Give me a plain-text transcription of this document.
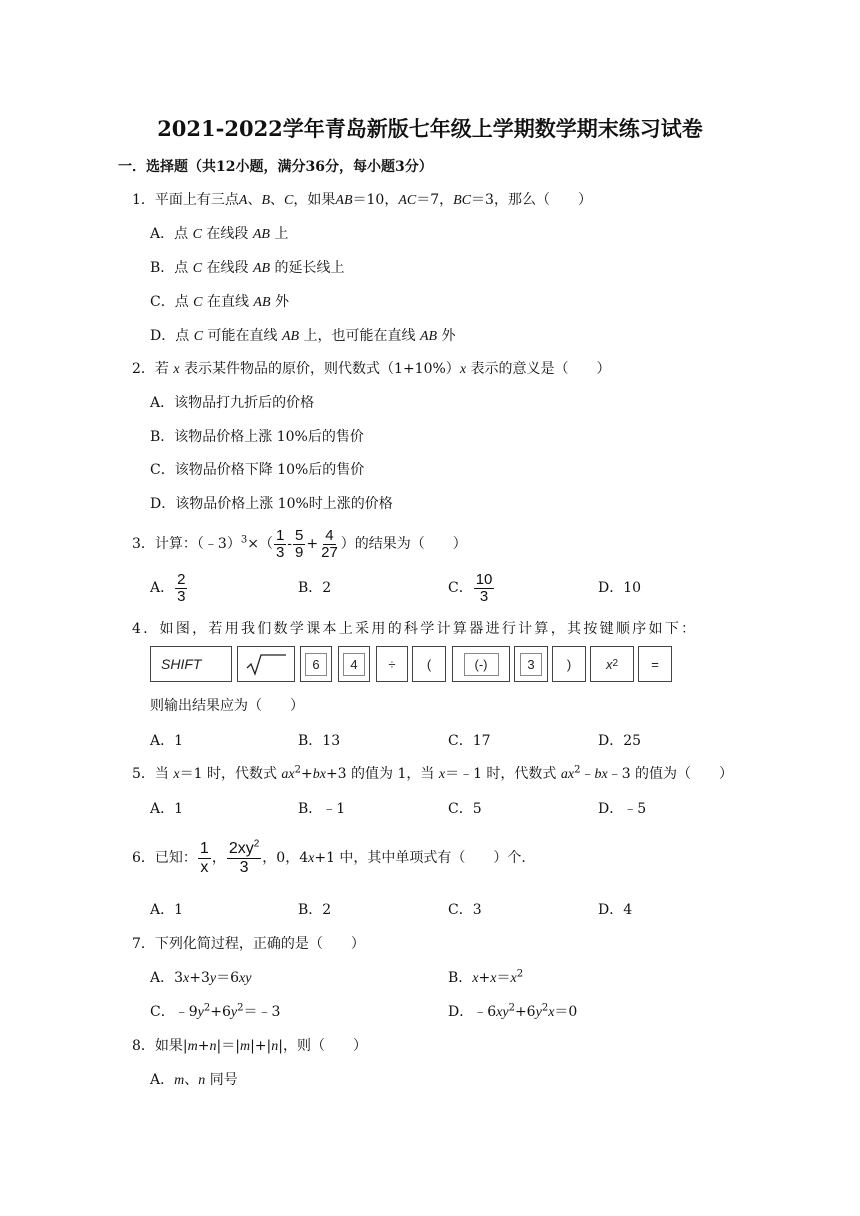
2021-2022学年青岛新版七年级上学期数学期末练习试卷
一．选择题（共12小题，满分36分，每小题3分）
1．平面上有三点A、B、C，如果AB＝10，AC＝7，BC＝3，那么（　　）
A．点 C 在线段 AB 上
B．点 C 在线段 AB 的延长线上
C．点 C 在直线 AB 外
D．点 C 可能在直线 AB 上，也可能在直线 AB 外
2．若 x 表示某件物品的原价，则代数式（1+10%）x 表示的意义是（　　）
A．该物品打九折后的价格
B．该物品价格上涨 10%后的售价
C．该物品价格下降 10%后的售价
D．该物品价格上涨 10%时上涨的价格
3．计算：（﹣3）$^3$×（ $\frac{1}{3} - \frac{5}{9} + \frac{4}{27}$ ）的结果为（　　）
A． $\frac{2}{3}$	B．2	C． $\frac{10}{3}$	D．10
4．如图，若用我们数学课本上采用的科学计算器进行计算，其按键顺序如下：
SHIFT	6	4	÷ (	(-)	3	)	x 2	=
则输出结果应为（　　）
A．1	B．13	C．17	D．25
5．当 x＝1 时，代数式 $ax^2+bx+3$ 的值为 1，当 x＝﹣1 时，代数式 $ax^2﹣bx﹣3$ 的值为（　　）
A．1	B．﹣1	C．5	D．﹣5
6．已知： $\frac{1}{x}$ ， $\frac{2xy^2}{3}$ ，0，4x+1 中，其中单项式有（　　）个．
A．1	B．2	C．3	D．4
7．下列化简过程，正确的是（　　）
A．3x+3y＝6xy	B．$x+x=x^2$
C．$﹣9y^2+6y^2=﹣3$	D．$﹣6xy^2+6y^2x=0$
8．如果|m+n|＝|m|+|n|，则（　　）
A．m、n 同号
